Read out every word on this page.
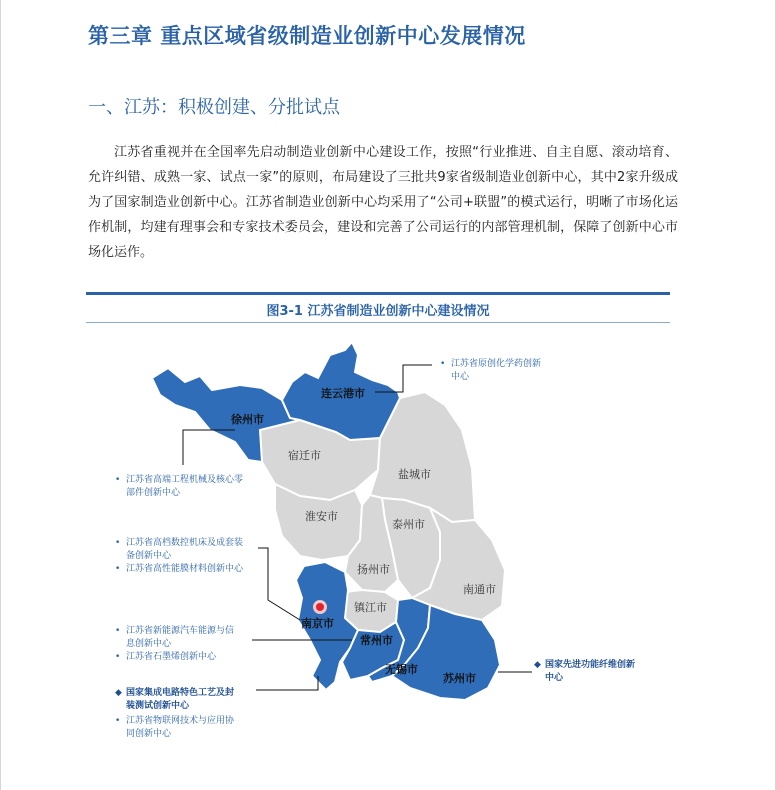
第三章 重点区域省级制造业创新中心发展情况
一、江苏：积极创建、分批试点
江苏省重视并在全国率先启动制造业创新中心建设工作，按照“行业推进、自主自愿、滚动培育、允许纠错、成熟一家、试点一家”的原则，布局建设了三批共9家省级制造业创新中心，其中2家升级成为了国家制造业创新中心。江苏省制造业创新中心均采用了“公司+联盟”的模式运行，明晰了市场化运作机制，均建有理事会和专家技术委员会，建设和完善了公司运行的内部管理机制，保障了创新中心市场化运作。
图3-1 江苏省制造业创新中心建设情况
连云港市
徐州市
宿迁市
盐城市
淮安市
泰州市
扬州市
南通市
镇江市
南京市
常州市
无锡市
苏州市
• 江苏省原创化学药创新
中心
• 江苏省高端工程机械及核心零
部件创新中心
• 江苏省高档数控机床及成套装
备创新中心
• 江苏省高性能膜材料创新中心
• 江苏省新能源汽车能源与信
息创新中心
• 江苏省石墨烯创新中心
◆ 国家集成电路特色工艺及封
装测试创新中心
• 江苏省物联网技术与应用协
同创新中心
◆ 国家先进功能纤维创新
中心
